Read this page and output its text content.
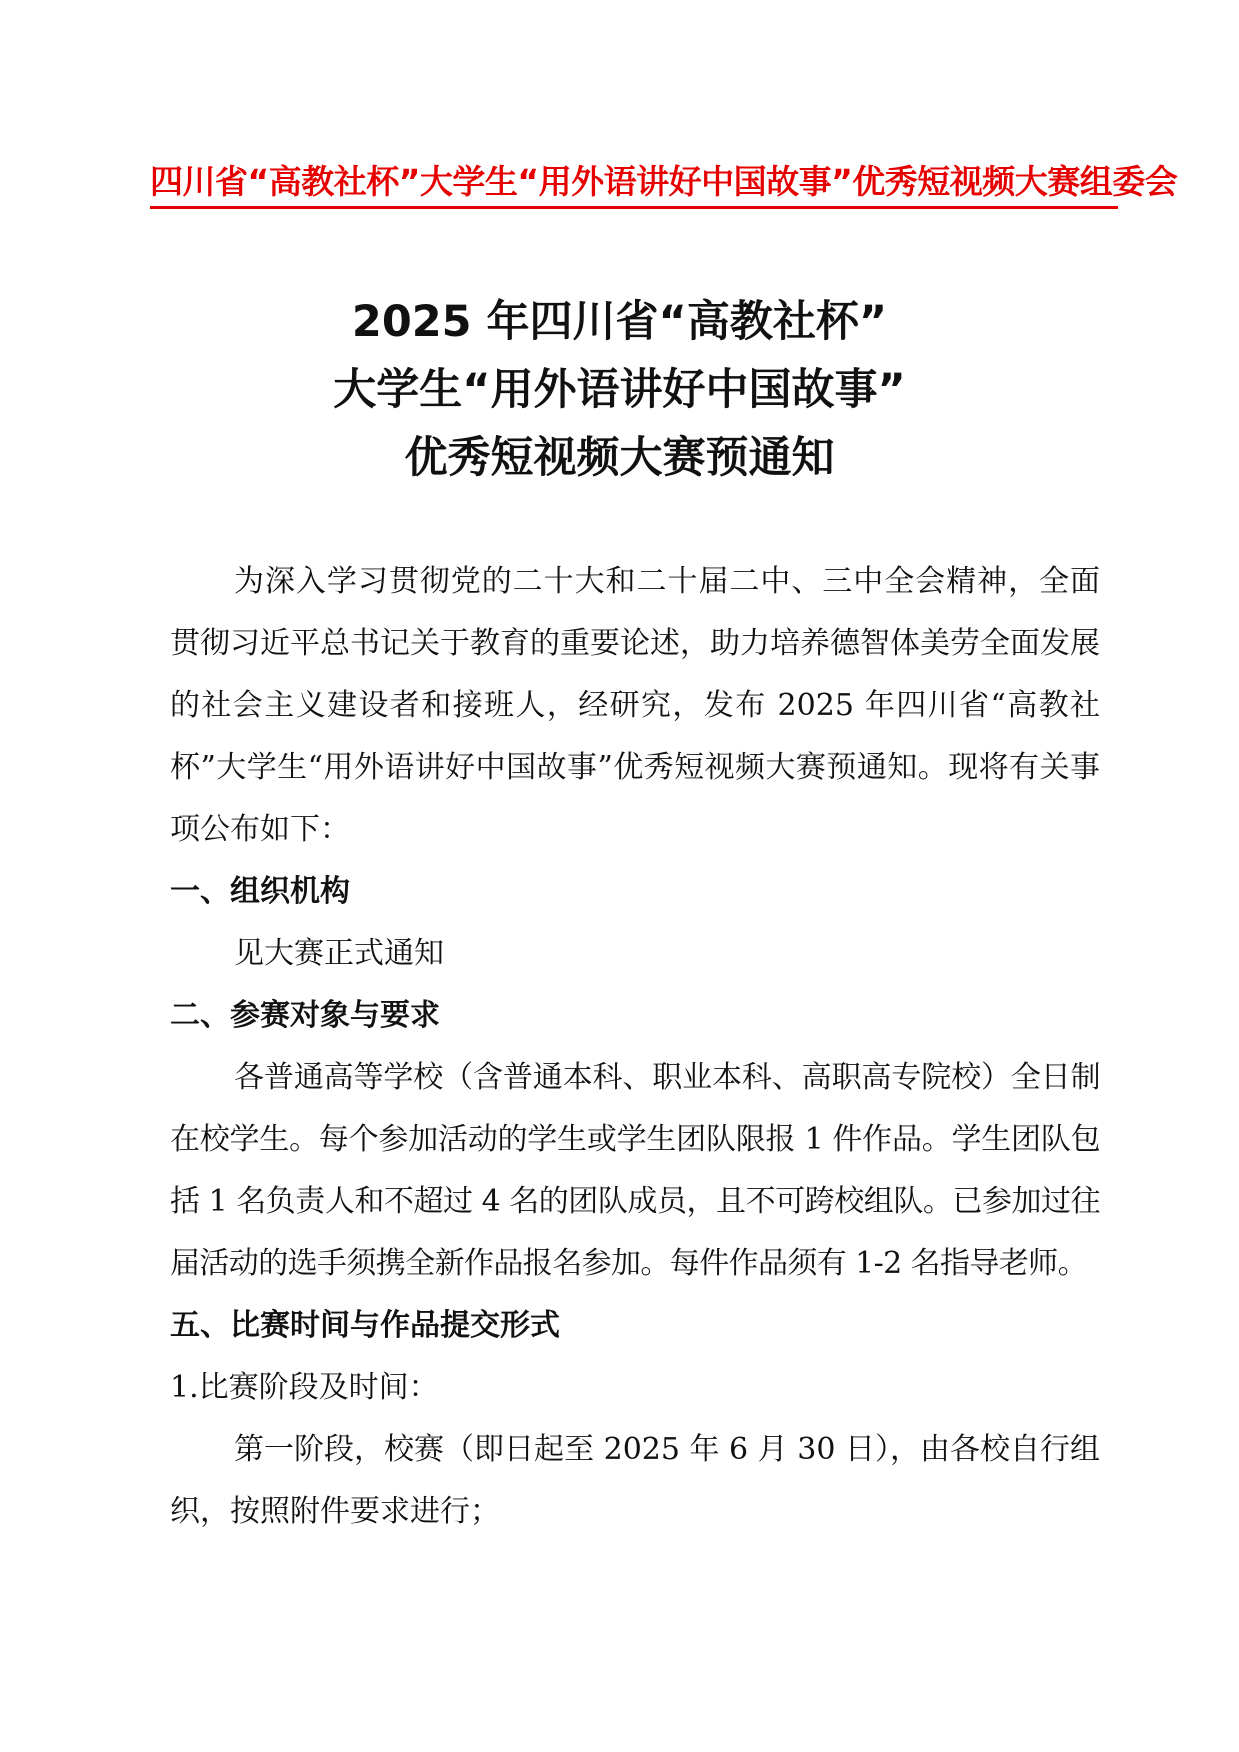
四川省“高教社杯”大学生“用外语讲好中国故事”优秀短视频大赛组委会
2025 年四川省“高教社杯”
大学生“用外语讲好中国故事”
优秀短视频大赛预通知

为深入学习贯彻党的二十大和二十届二中、三中全会精神，全面贯彻习近平总书记关于教育的重要论述，助力培养德智体美劳全面发展的社会主义建设者和接班人，经研究，发布 2025 年四川省“高教社杯”大学生“用外语讲好中国故事”优秀短视频大赛预通知。现将有关事项公布如下：

一、组织机构

见大赛正式通知

二、参赛对象与要求

各普通高等学校（含普通本科、职业本科、高职高专院校）全日制在校学生。每个参加活动的学生或学生团队限报 1 件作品。学生团队包括 1 名负责人和不超过 4 名的团队成员，且不可跨校组队。已参加过往届活动的选手须携全新作品报名参加。每件作品须有 1-2 名指导老师。

五、比赛时间与作品提交形式

1.比赛阶段及时间：

第一阶段，校赛（即日起至 2025 年 6 月 30 日），由各校自行组织，按照附件要求进行；
